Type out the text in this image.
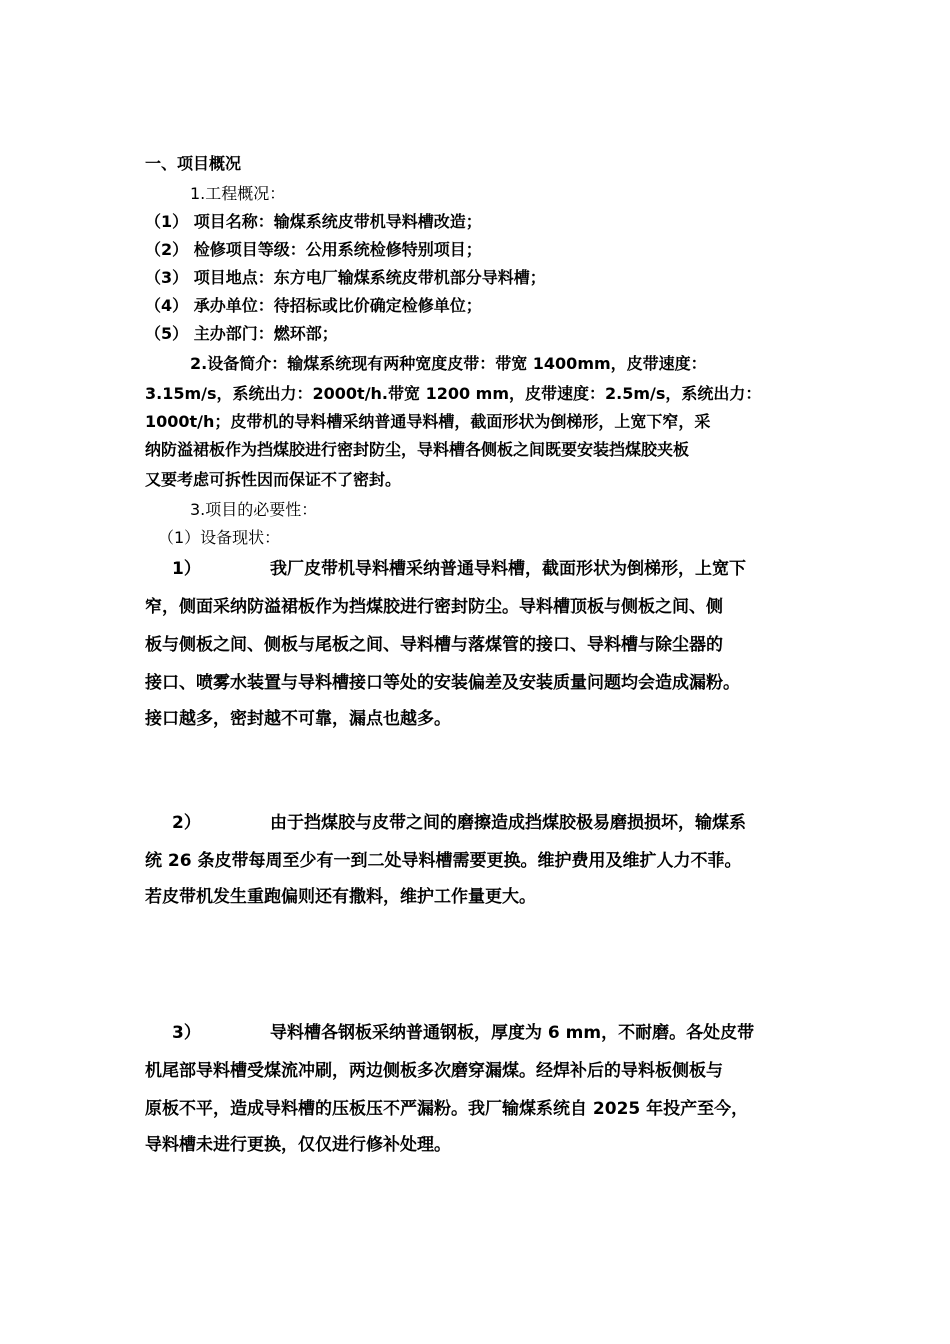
一、项目概况
1.工程概况：
（1） 项目名称：输煤系统皮带机导料槽改造；
（2） 检修项目等级：公用系统检修特别项目；
（3） 项目地点：东方电厂输煤系统皮带机部分导料槽；
（4） 承办单位：待招标或比价确定检修单位；
（5） 主办部门：燃环部；
2.设备简介：输煤系统现有两种宽度皮带：带宽 1400mm，皮带速度：
3.15m/s，系统出力：2000t/h.带宽 1200 mm，皮带速度：2.5m/s，系统出力：
1000t/h；皮带机的导料槽采纳普通导料槽，截面形状为倒梯形，上宽下窄，采
纳防溢裙板作为挡煤胶进行密封防尘，导料槽各侧板之间既要安装挡煤胶夹板
又要考虑可拆性因而保证不了密封。
3.项目的必要性：
（1）设备现状：
1）	我厂皮带机导料槽采纳普通导料槽，截面形状为倒梯形，上宽下
窄，侧面采纳防溢裙板作为挡煤胶进行密封防尘。导料槽顶板与侧板之间、侧
板与侧板之间、侧板与尾板之间、导料槽与落煤管的接口、导料槽与除尘器的
接口、喷雾水装置与导料槽接口等处的安装偏差及安装质量问题均会造成漏粉。
接口越多，密封越不可靠，漏点也越多。
2）	由于挡煤胶与皮带之间的磨擦造成挡煤胶极易磨损损坏，输煤系
统 26 条皮带每周至少有一到二处导料槽需要更换。维护费用及维扩人力不菲。
若皮带机发生重跑偏则还有撒料，维护工作量更大。
3）	导料槽各钢板采纳普通钢板，厚度为 6 mm，不耐磨。各处皮带
机尾部导料槽受煤流冲刷，两边侧板多次磨穿漏煤。经焊补后的导料板侧板与
原板不平，造成导料槽的压板压不严漏粉。我厂输煤系统自 2025 年投产至今，
导料槽未进行更换，仅仅进行修补处理。
